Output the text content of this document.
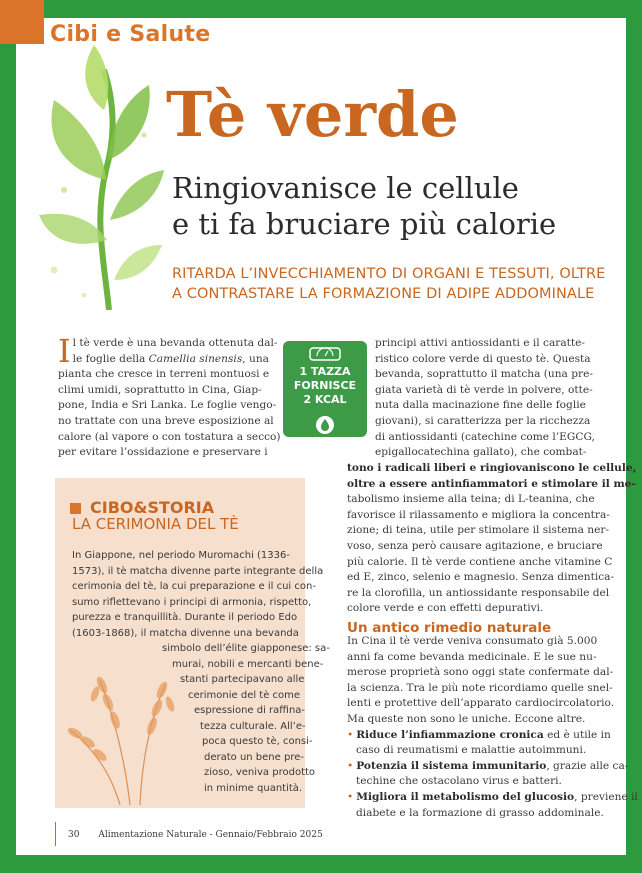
Cibi e Salute
Tè verde
Ringiovanisce le cellule
e ti fa bruciare più calorie
RITARDA L’INVECCHIAMENTO DI ORGANI E TESSUTI, OLTRE
A CONTRASTARE LA FORMAZIONE DI ADIPE ADDOMINALE
I l tè verde è una bevanda ottenuta dal-
le foglie della Camellia sinensis, una
pianta che cresce in terreni montuosi e
climi umidi, soprattutto in Cina, Giap-
pone, India e Sri Lanka. Le foglie vengo-
no trattate con una breve esposizione al
calore (al vapore o con tostatura a secco)
per evitare l’ossidazione e preservare i
1 TAZZA
FORNISCE
2 KCAL
principi attivi antiossidanti e il caratte-
ristico colore verde di questo tè. Questa
bevanda, soprattutto il matcha (una pre-
giata varietà di tè verde in polvere, otte-
nuta dalla macinazione fine delle foglie
giovani), si caratterizza per la ricchezza
di antiossidanti (catechine come l’EGCG,
epigallocatechina gallato), che combat-
tono i radicali liberi e ringiovaniscono le cellule,
oltre a essere antinfiammatori e stimolare il me-
tabolismo insieme alla teina; di L-teanina, che
favorisce il rilassamento e migliora la concentra-
zione; di teina, utile per stimolare il sistema ner-
voso, senza però causare agitazione, e bruciare
più calorie. Il tè verde contiene anche vitamine C
ed E, zinco, selenio e magnesio. Senza dimentica-
re la clorofilla, un antiossidante responsabile del
colore verde e con effetti depurativi.
CIBO&STORIA
LA CERIMONIA DEL TÈ
In Giappone, nel periodo Muromachi (1336-
1573), il tè matcha divenne parte integrante della
cerimonia del tè, la cui preparazione e il cui con-
sumo riflettevano i principi di armonia, rispetto,
purezza e tranquillità. Durante il periodo Edo
(1603-1868), il matcha divenne una bevanda
simbolo dell’élite giapponese: sa-
murai, nobili e mercanti bene-
stanti partecipavano alle
cerimonie del tè come
espressione di raffina-
tezza culturale. All’e-
poca questo tè, consi-
derato un bene pre-
zioso, veniva prodotto
in minime quantità.
Un antico rimedio naturale
In Cina il tè verde veniva consumato già 5.000
anni fa come bevanda medicinale. E le sue nu-
merose proprietà sono oggi state confermate dal-
la scienza. Tra le più note ricordiamo quelle snel-
lenti e protettive dell’apparato cardiocircolatorio.
Ma queste non sono le uniche. Eccone altre.
• Riduce l’infiammazione cronica ed è utile in
caso di reumatismi e malattie autoimmuni.
• Potenzia il sistema immunitario, grazie alle ca-
techine che ostacolano virus e batteri.
• Migliora il metabolismo del glucosio, previene il
diabete e la formazione di grasso addominale.
30 Alimentazione Naturale - Gennaio/Febbraio 2025
